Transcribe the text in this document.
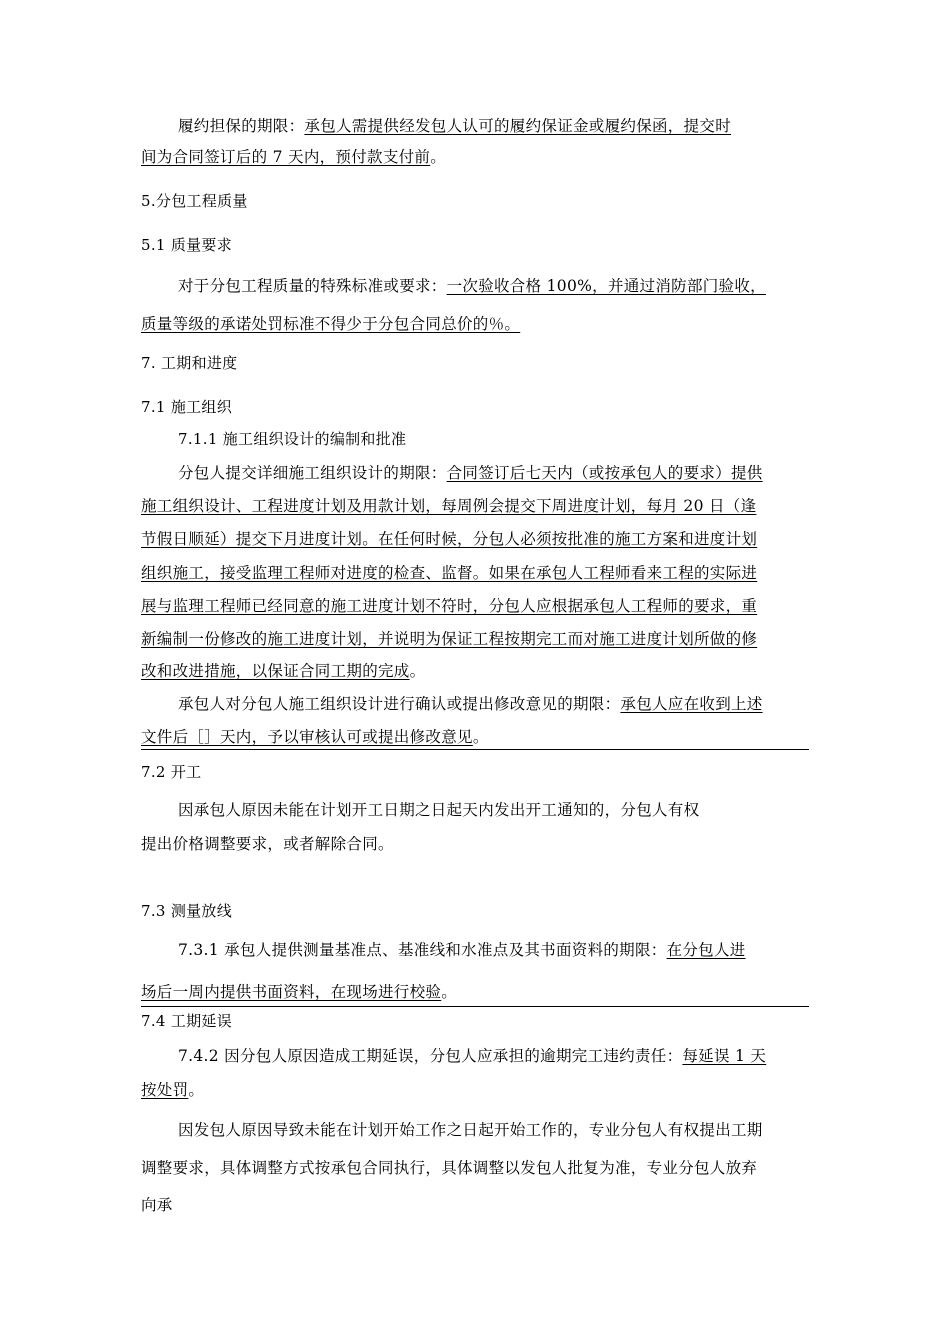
履约担保的期限：承包人需提供经发包人认可的履约保证金或履约保函，提交时
间为合同签订后的 7 天内，预付款支付前。
5.分包工程质量
5.1 质量要求
对于分包工程质量的特殊标准或要求：一次验收合格 100%，并通过消防部门验收，
质量等级的承诺处罚标准不得少于分包合同总价的％。
7. 工期和进度
7.1 施工组织
7.1.1 施工组织设计的编制和批准
分包人提交详细施工组织设计的期限：合同签订后七天内（或按承包人的要求）提供
施工组织设计、工程进度计划及用款计划，每周例会提交下周进度计划，每月 20 日（逢
节假日顺延）提交下月进度计划。在任何时候，分包人必须按批准的施工方案和进度计划
组织施工，接受监理工程师对进度的检查、监督。如果在承包人工程师看来工程的实际进
展与监理工程师已经同意的施工进度计划不符时，分包人应根据承包人工程师的要求，重
新编制一份修改的施工进度计划，并说明为保证工程按期完工而对施工进度计划所做的修
改和改进措施，以保证合同工期的完成。
承包人对分包人施工组织设计进行确认或提出修改意见的期限：承包人应在收到上述
文件后［］天内，予以审核认可或提出修改意见。
7.2 开工
因承包人原因未能在计划开工日期之日起天内发出开工通知的，分包人有权
提出价格调整要求，或者解除合同。
7.3 测量放线
7.3.1 承包人提供测量基准点、基准线和水准点及其书面资料的期限：在分包人进
场后一周内提供书面资料，在现场进行校验。
7.4 工期延误
7.4.2 因分包人原因造成工期延误，分包人应承担的逾期完工违约责任：每延误 1 天
按处罚。
因发包人原因导致未能在计划开始工作之日起开始工作的，专业分包人有权提出工期
调整要求，具体调整方式按承包合同执行，具体调整以发包人批复为准，专业分包人放弃
向承
